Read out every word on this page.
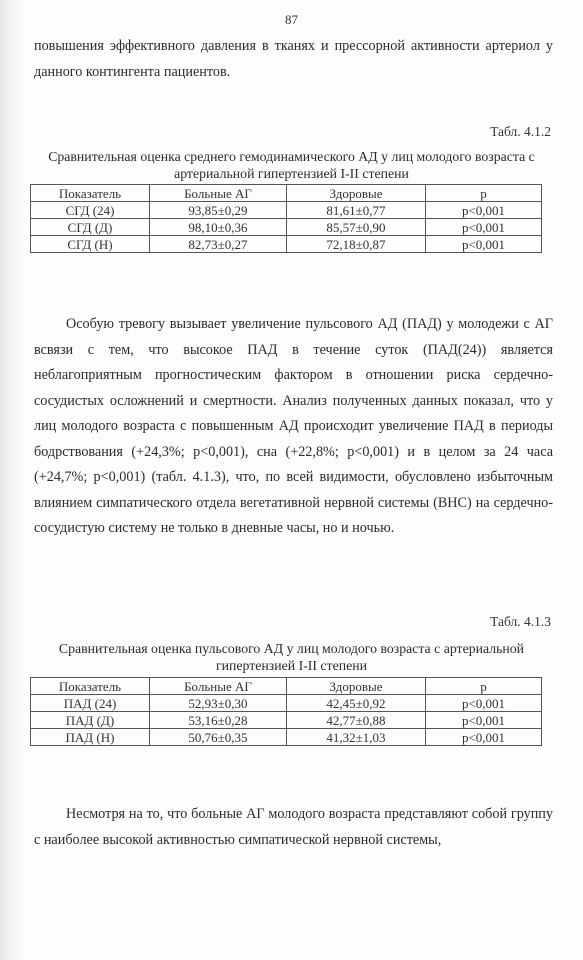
87

повышения эффективного давления в тканях и прессорной активности артериол у данного контингента пациентов.

Табл. 4.1.2
Сравнительная оценка среднего гемодинамического АД у лиц молодого возраста с артериальной гипертензией I-II степени
Показатель	Больные АГ	Здоровые	р
СГД (24)	93,85±0,29	81,61±0,77	р<0,001
СГД (Д)	98,10±0,36	85,57±0,90	р<0,001
СГД (Н)	82,73±0,27	72,18±0,87	р<0,001

Особую тревогу вызывает увеличение пульсового АД (ПАД) у молодежи с АГ всвязи с тем, что высокое ПАД в течение суток (ПАД(24)) является неблагоприятным прогностическим фактором в отношении риска сердечно-сосудистых осложнений и смертности. Анализ полученных данных показал, что у лиц молодого возраста с повышенным АД происходит увеличение ПАД в периоды бодрствования (+24,3%; р<0,001), сна (+22,8%; р<0,001) и в целом за 24 часа (+24,7%; р<0,001) (табл. 4.1.3), что, по всей видимости, обусловлено избыточным влиянием симпатического отдела вегетативной нервной системы (ВНС) на сердечно-сосудистую систему не только в дневные часы, но и ночью.

Табл. 4.1.3
Сравнительная оценка пульсового АД у лиц молодого возраста с артериальной гипертензией I-II степени
Показатель	Больные АГ	Здоровые	р
ПАД (24)	52,93±0,30	42,45±0,92	р<0,001
ПАД (Д)	53,16±0,28	42,77±0,88	р<0,001
ПАД (Н)	50,76±0,35	41,32±1,03	р<0,001

Несмотря на то, что больные АГ молодого возраста представляют собой группу с наиболее высокой активностью симпатической нервной системы,
